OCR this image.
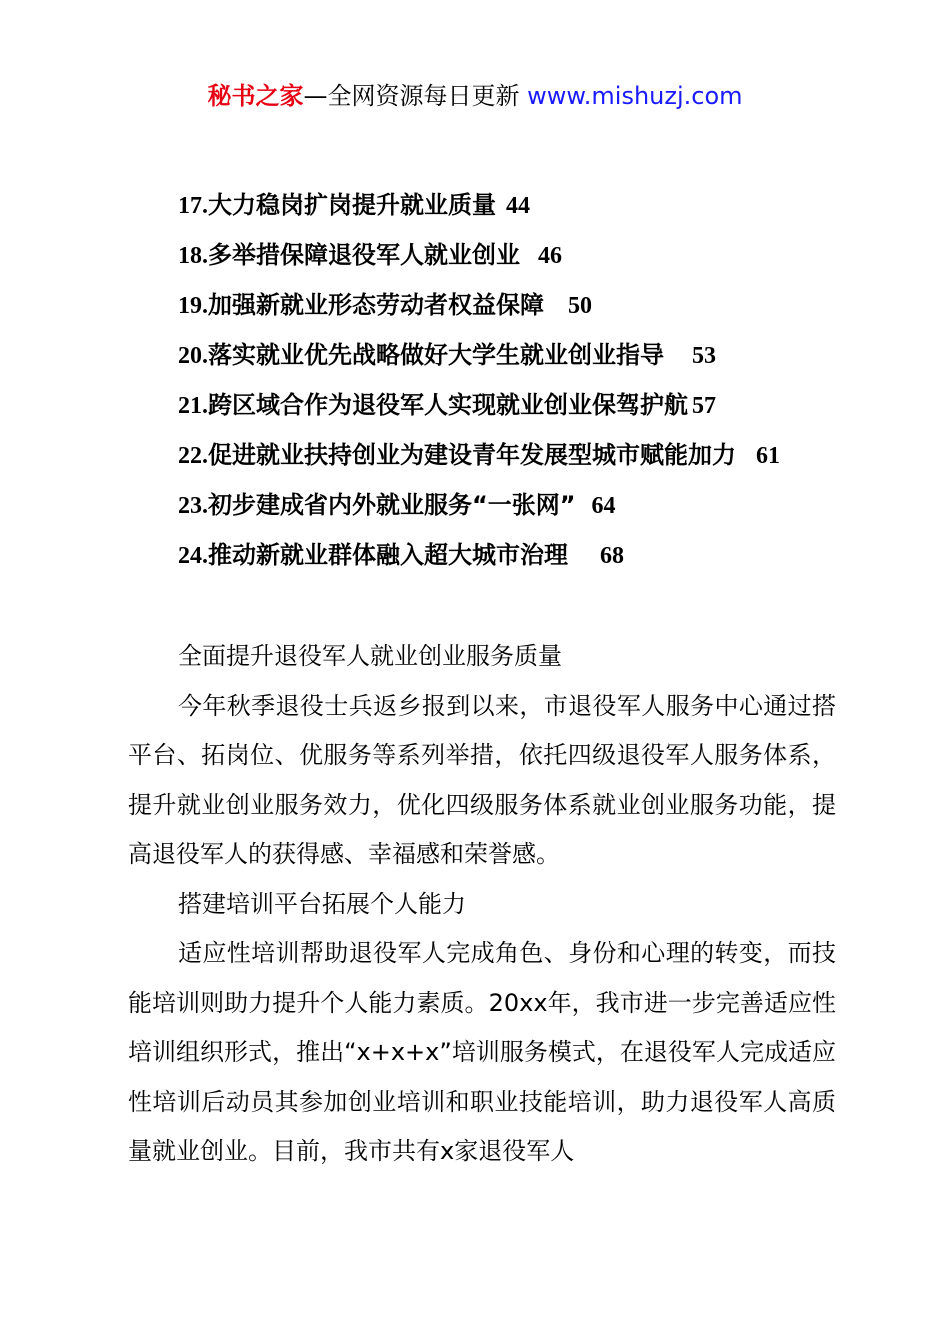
秘书之家—全网资源每日更新 www.mishuzj.com
17.大力稳岗扩岗提升就业质量 44
18.多举措保障退役军人就业创业 46
19.加强新就业形态劳动者权益保障 50
20.落实就业优先战略做好大学生就业创业指导 53
21.跨区域合作为退役军人实现就业创业保驾护航 57
22.促进就业扶持创业为建设青年发展型城市赋能加力 61
23.初步建成省内外就业服务“一张网” 64
24.推动新就业群体融入超大城市治理 68

全面提升退役军人就业创业服务质量

今年秋季退役士兵返乡报到以来，市退役军人服务中心通过搭平台、拓岗位、优服务等系列举措，依托四级退役军人服务体系，提升就业创业服务效力，优化四级服务体系就业创业服务功能，提高退役军人的获得感、幸福感和荣誉感。

搭建培训平台拓展个人能力

适应性培训帮助退役军人完成角色、身份和心理的转变，而技能培训则助力提升个人能力素质。20xx年，我市进一步完善适应性培训组织形式，推出“x+x+x”培训服务模式，在退役军人完成适应性培训后动员其参加创业培训和职业技能培训，助力退役军人高质量就业创业。目前，我市共有x家退役军人
